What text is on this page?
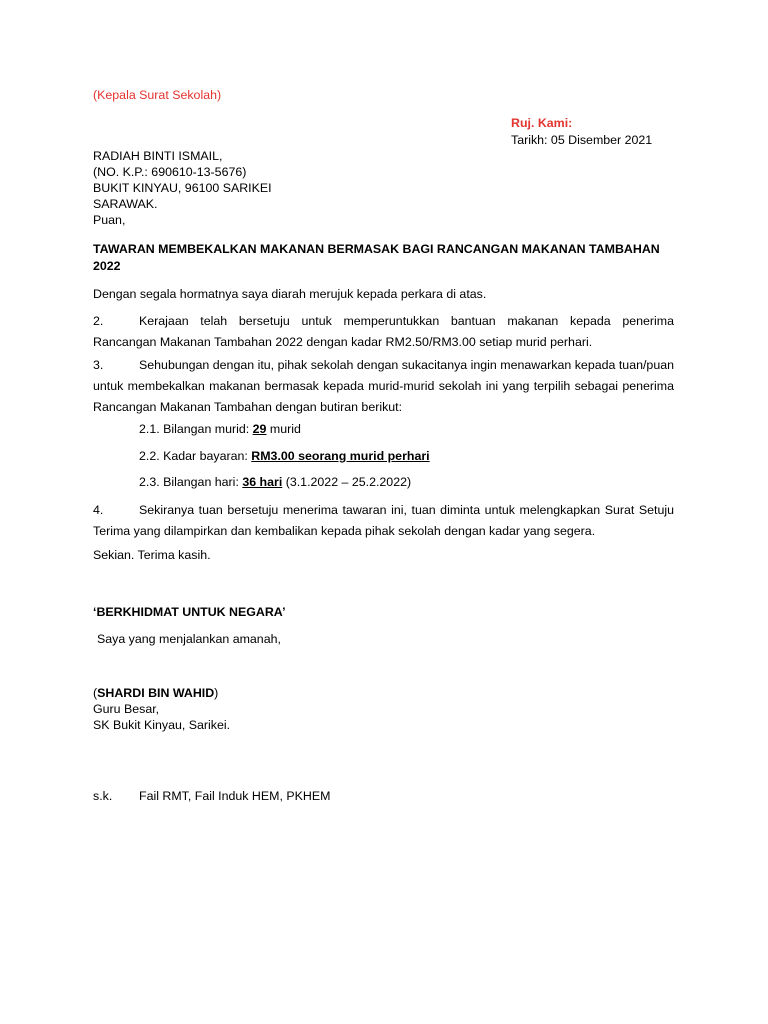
(Kepala Surat Sekolah)
Ruj. Kami:
Tarikh: 05 Disember 2021
RADIAH BINTI ISMAIL,
(NO. K.P.: 690610-13-5676)
BUKIT KINYAU, 96100 SARIKEI
SARAWAK.
Puan,
TAWARAN MEMBEKALKAN MAKANAN BERMASAK BAGI RANCANGAN MAKANAN TAMBAHAN
2022
Dengan segala hormatnya saya diarah merujuk kepada perkara di atas.
2.	Kerajaan telah bersetuju untuk memperuntukkan bantuan makanan kepada penerima Rancangan Makanan Tambahan 2022 dengan kadar RM2.50/RM3.00 setiap murid perhari.
3.	Sehubungan dengan itu, pihak sekolah dengan sukacitanya ingin menawarkan kepada tuan/puan untuk membekalkan makanan bermasak kepada murid-murid sekolah ini yang terpilih sebagai penerima Rancangan Makanan Tambahan dengan butiran berikut:
2.1. Bilangan murid: 29 murid
2.2. Kadar bayaran: RM3.00 seorang murid perhari
2.3. Bilangan hari: 36 hari (3.1.2022 – 25.2.2022)
4.	Sekiranya tuan bersetuju menerima tawaran ini, tuan diminta untuk melengkapkan Surat Setuju Terima yang dilampirkan dan kembalikan kepada pihak sekolah dengan kadar yang segera.
Sekian. Terima kasih.
‘BERKHIDMAT UNTUK NEGARA’
Saya yang menjalankan amanah,
(SHARDI BIN WAHID)
Guru Besar,
SK Bukit Kinyau, Sarikei.
s.k. Fail RMT, Fail Induk HEM, PKHEM
